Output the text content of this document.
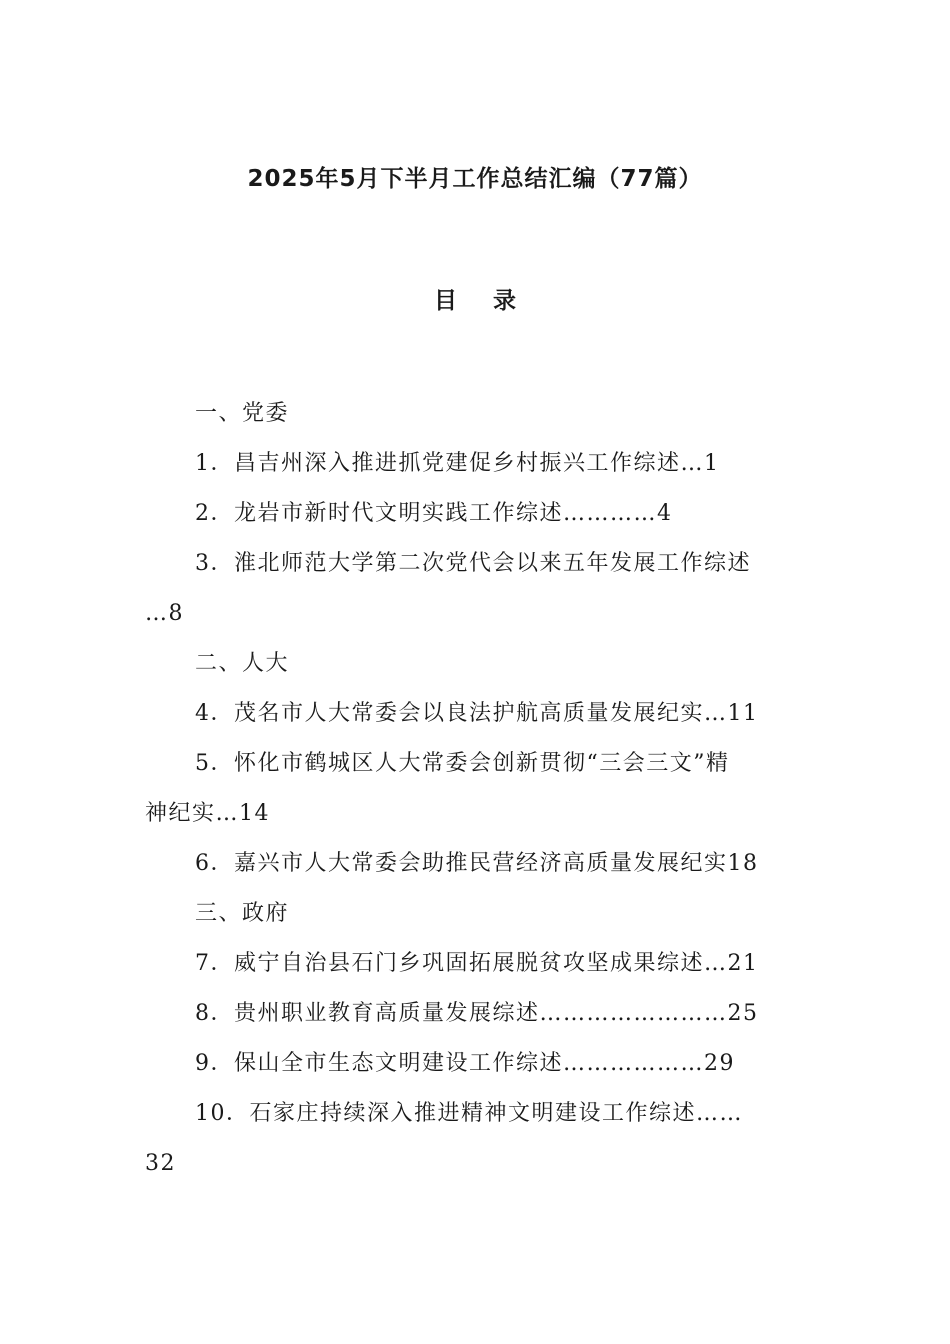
2025年5月下半月工作总结汇编（77篇）
目 录
一、党委
1．昌吉州深入推进抓党建促乡村振兴工作综述…1
2．龙岩市新时代文明实践工作综述…………4
3．淮北师范大学第二次党代会以来五年发展工作综述
…8
二、人大
4．茂名市人大常委会以良法护航高质量发展纪实…11
5．怀化市鹤城区人大常委会创新贯彻“三会三文”精
神纪实…14
6．嘉兴市人大常委会助推民营经济高质量发展纪实18
三、政府
7．威宁自治县石门乡巩固拓展脱贫攻坚成果综述…21
8．贵州职业教育高质量发展综述……………………25
9．保山全市生态文明建设工作综述………………29
10．石家庄持续深入推进精神文明建设工作综述……
32
